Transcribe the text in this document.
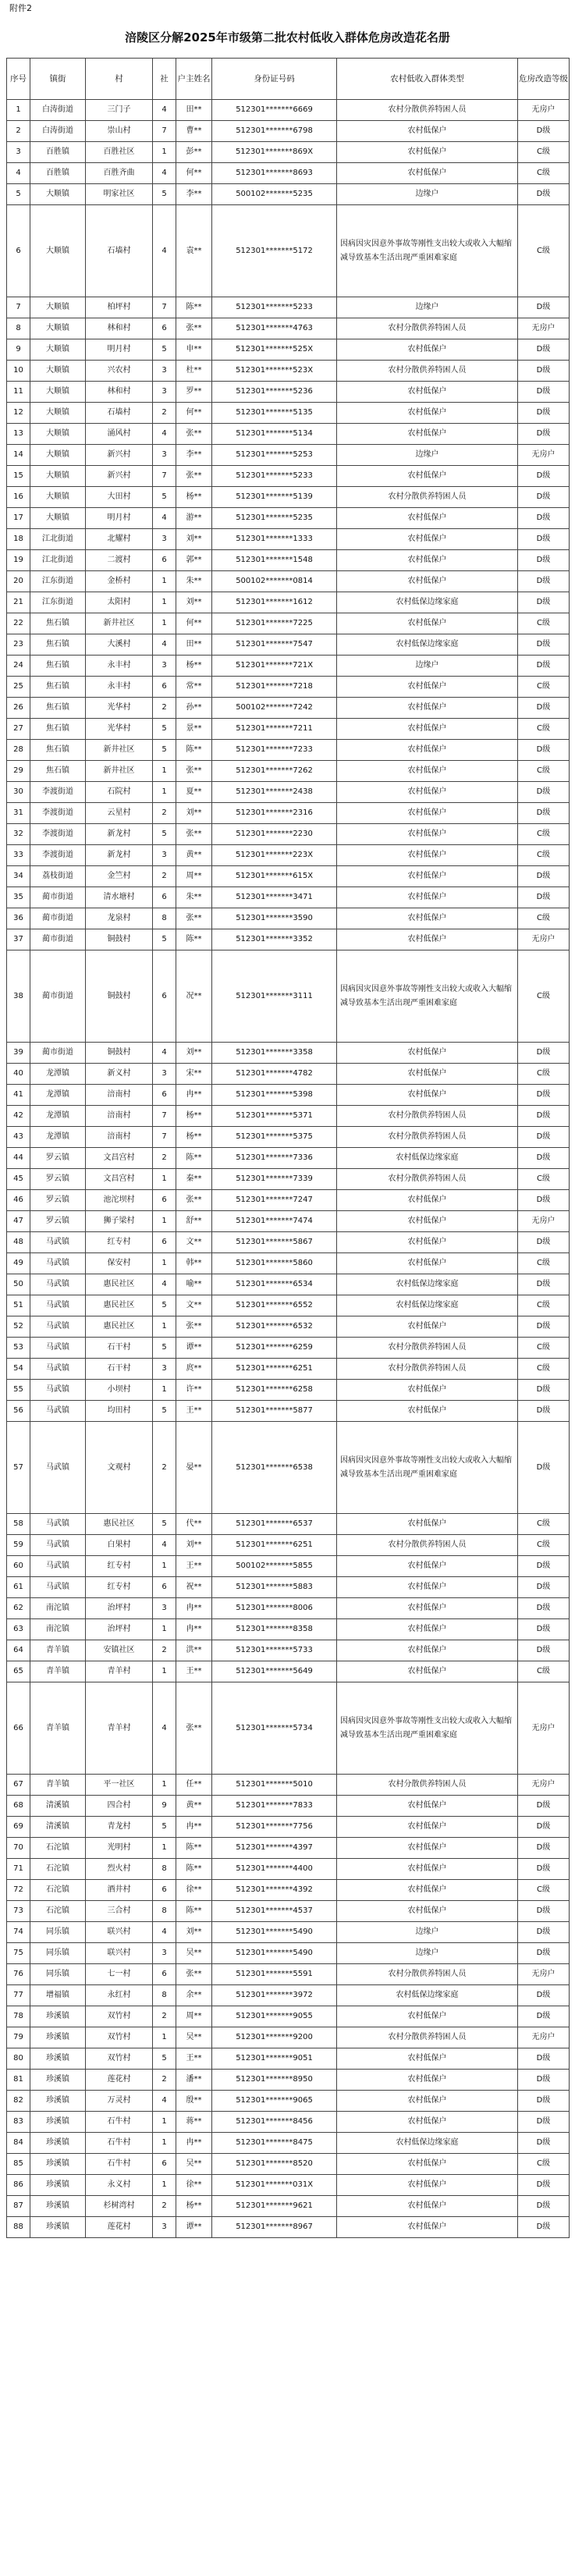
附件2
涪陵区分解2025年市级第二批农村低收入群体危房改造花名册
序号	镇街	村	社	户主姓名	身份证号码	农村低收入群体类型	危房改造等级
1	白涛街道	三门子	4	田**	512301*******6669	农村分散供养特困人员	无房户
2	白涛街道	崇山村	7	曹**	512301*******6798	农村低保户	D级
3	百胜镇	百胜社区	1	彭**	512301*******869X	农村低保户	C级
4	百胜镇	百胜齐曲	4	何**	512301*******8693	农村低保户	C级
5	大顺镇	明家社区	5	李**	500102*******5235	边缘户	D级
6	大顺镇	石墙村	4	袁**	512301*******5172	因病因灾因意外事故等刚性支出较大或收入大幅缩减导致基本生活出现严重困难家庭	C级
7	大顺镇	柏坪村	7	陈**	512301*******5233	边缘户	D级
8	大顺镇	林和村	6	张**	512301*******4763	农村分散供养特困人员	无房户
9	大顺镇	明月村	5	申**	512301*******525X	农村低保户	D级
10	大顺镇	兴农村	3	杜**	512301*******523X	农村分散供养特困人员	D级
11	大顺镇	林和村	3	罗**	512301*******5236	农村低保户	D级
12	大顺镇	石墙村	2	何**	512301*******5135	农村低保户	D级
13	大顺镇	涌风村	4	张**	512301*******5134	农村低保户	D级
14	大顺镇	新兴村	3	李**	512301*******5253	边缘户	无房户
15	大顺镇	新兴村	7	张**	512301*******5233	农村低保户	D级
16	大顺镇	大田村	5	杨**	512301*******5139	农村分散供养特困人员	D级
17	大顺镇	明月村	4	游**	512301*******5235	农村低保户	D级
18	江北街道	北耀村	3	刘**	512301*******1333	农村低保户	D级
19	江北街道	二渡村	6	郭**	512301*******1548	农村低保户	D级
20	江东街道	金桥村	1	朱**	500102*******0814	农村低保户	D级
21	江东街道	太阳村	1	刘**	512301*******1612	农村低保边缘家庭	D级
22	焦石镇	新井社区	1	何**	512301*******7225	农村低保户	C级
23	焦石镇	大溪村	4	田**	512301*******7547	农村低保边缘家庭	D级
24	焦石镇	永丰村	3	杨**	512301*******721X	边缘户	D级
25	焦石镇	永丰村	6	常**	512301*******7218	农村低保户	C级
26	焦石镇	光华村	2	孙**	500102*******7242	农村低保户	D级
27	焦石镇	光华村	5	景**	512301*******7211	农村低保户	C级
28	焦石镇	新井社区	5	陈**	512301*******7233	农村低保户	D级
29	焦石镇	新井社区	1	张**	512301*******7262	农村低保户	C级
30	李渡街道	石院村	1	夏**	512301*******2438	农村低保户	D级
31	李渡街道	云星村	2	刘**	512301*******2316	农村低保户	D级
32	李渡街道	新龙村	5	张**	512301*******2230	农村低保户	C级
33	李渡街道	新龙村	3	黄**	512301*******223X	农村低保户	C级
34	荔枝街道	金竺村	2	周**	512301*******615X	农村低保户	D级
35	蔺市街道	清水塘村	6	朱**	512301*******3471	农村低保户	D级
36	蔺市街道	龙泉村	8	张**	512301*******3590	农村低保户	C级
37	蔺市街道	铜鼓村	5	陈**	512301*******3352	农村低保户	无房户
38	蔺市街道	铜鼓村	6	况**	512301*******3111	因病因灾因意外事故等刚性支出较大或收入大幅缩减导致基本生活出现严重困难家庭	C级
39	蔺市街道	铜鼓村	4	刘**	512301*******3358	农村低保户	D级
40	龙潭镇	新义村	3	宋**	512301*******4782	农村低保户	C级
41	龙潭镇	涪南村	6	冉**	512301*******5398	农村低保户	D级
42	龙潭镇	涪南村	7	杨**	512301*******5371	农村分散供养特困人员	D级
43	龙潭镇	涪南村	7	杨**	512301*******5375	农村分散供养特困人员	D级
44	罗云镇	文昌宫村	2	陈**	512301*******7336	农村低保边缘家庭	D级
45	罗云镇	文昌宫村	1	秦**	512301*******7339	农村分散供养特困人员	C级
46	罗云镇	池沱坝村	6	张**	512301*******7247	农村低保户	D级
47	罗云镇	狮子梁村	1	舒**	512301*******7474	农村低保户	无房户
48	马武镇	红专村	6	文**	512301*******5867	农村低保户	D级
49	马武镇	保安村	1	韩**	512301*******5860	农村低保户	C级
50	马武镇	惠民社区	4	喻**	512301*******6534	农村低保边缘家庭	D级
51	马武镇	惠民社区	5	文**	512301*******6552	农村低保边缘家庭	C级
52	马武镇	惠民社区	1	张**	512301*******6532	农村低保户	D级
53	马武镇	石干村	5	谭**	512301*******6259	农村分散供养特困人员	C级
54	马武镇	石干村	3	庹**	512301*******6251	农村分散供养特困人员	C级
55	马武镇	小坝村	1	许**	512301*******6258	农村低保户	D级
56	马武镇	均田村	5	王**	512301*******5877	农村低保户	D级
57	马武镇	文观村	2	晏**	512301*******6538	因病因灾因意外事故等刚性支出较大或收入大幅缩减导致基本生活出现严重困难家庭	D级
58	马武镇	惠民社区	5	代**	512301*******6537	农村低保户	C级
59	马武镇	白果村	4	刘**	512301*******6251	农村分散供养特困人员	C级
60	马武镇	红专村	1	王**	500102*******5855	农村低保户	D级
61	马武镇	红专村	6	祝**	512301*******5883	农村低保户	D级
62	南沱镇	治坪村	3	冉**	512301*******8006	农村低保户	D级
63	南沱镇	治坪村	1	冉**	512301*******8358	农村低保户	D级
64	青羊镇	安镇社区	2	洪**	512301*******5733	农村低保户	D级
65	青羊镇	青羊村	1	王**	512301*******5649	农村低保户	C级
66	青羊镇	青羊村	4	张**	512301*******5734	因病因灾因意外事故等刚性支出较大或收入大幅缩减导致基本生活出现严重困难家庭	无房户
67	青羊镇	平一社区	1	任**	512301*******5010	农村分散供养特困人员	无房户
68	清溪镇	四合村	9	黄**	512301*******7833	农村低保户	D级
69	清溪镇	青龙村	5	冉**	512301*******7756	农村低保户	D级
70	石沱镇	光明村	1	陈**	512301*******4397	农村低保户	D级
71	石沱镇	烈火村	8	陈**	512301*******4400	农村低保户	D级
72	石沱镇	酒井村	6	徐**	512301*******4392	农村低保户	C级
73	石沱镇	三合村	8	陈**	512301*******4537	农村低保户	D级
74	同乐镇	联兴村	4	刘**	512301*******5490	边缘户	D级
75	同乐镇	联兴村	3	吴**	512301*******5490	边缘户	D级
76	同乐镇	七一村	6	张**	512301*******5591	农村分散供养特困人员	无房户
77	增福镇	永红村	8	余**	512301*******3972	农村低保边缘家庭	D级
78	珍溪镇	双竹村	2	周**	512301*******9055	农村低保户	D级
79	珍溪镇	双竹村	1	吴**	512301*******9200	农村分散供养特困人员	无房户
80	珍溪镇	双竹村	5	王**	512301*******9051	农村低保户	D级
81	珍溪镇	莲花村	2	潘**	512301*******8950	农村低保户	D级
82	珍溪镇	万灵村	4	殷**	512301*******9065	农村低保户	D级
83	珍溪镇	石牛村	1	蒋**	512301*******8456	农村低保户	D级
84	珍溪镇	石牛村	1	冉**	512301*******8475	农村低保边缘家庭	D级
85	珍溪镇	石牛村	6	吴**	512301*******8520	农村低保户	C级
86	珍溪镇	永义村	1	徐**	512301*******031X	农村低保户	D级
87	珍溪镇	杉树湾村	2	杨**	512301*******9621	农村低保户	D级
88	珍溪镇	莲花村	3	谭**	512301*******8967	农村低保户	D级
